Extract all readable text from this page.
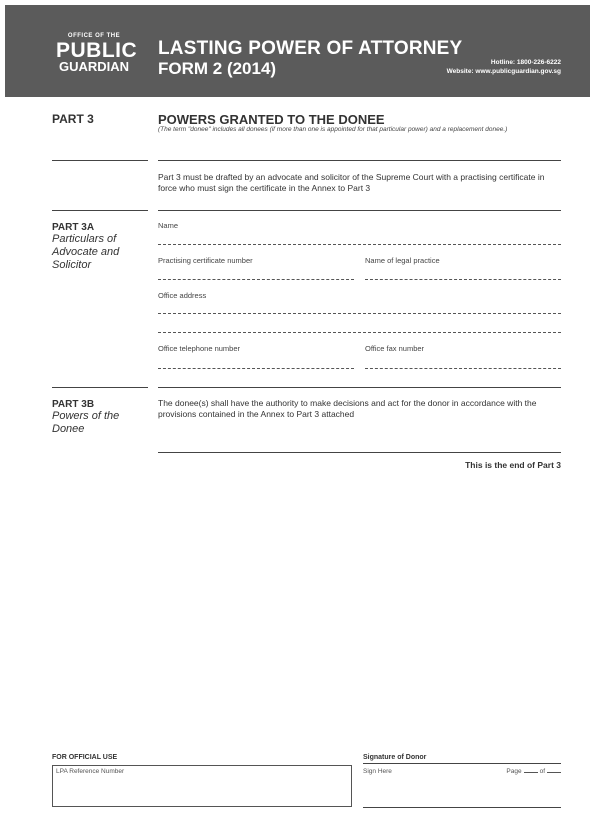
OFFICE OF THE
PUBLIC
GUARDIAN
LASTING POWER OF ATTORNEY
FORM 2 (2014)	Hotline: 1800-226-6222
Website: www.publicguardian.gov.sg
PART 3	POWERS GRANTED TO THE DONEE
(The term "donee" includes all donees (if more than one is appointed for that particular power) and a replacement donee.)
Part 3 must be drafted by an advocate and solicitor of the Supreme Court with a practising certificate in force who must sign the certificate in the Annex to Part 3
PART 3A
Particulars of
Advocate and
Solicitor
Name
Practising certificate number	Name of legal practice
Office address
Office telephone number	Office fax number
PART 3B
Powers of the
Donee
The donee(s) shall have the authority to make decisions and act for the donor in accordance with the provisions contained in the Annex to Part 3 attached
This is the end of Part 3
FOR OFFICIAL USE
LPA Reference Number
Signature of Donor
Sign Here	Page	of
